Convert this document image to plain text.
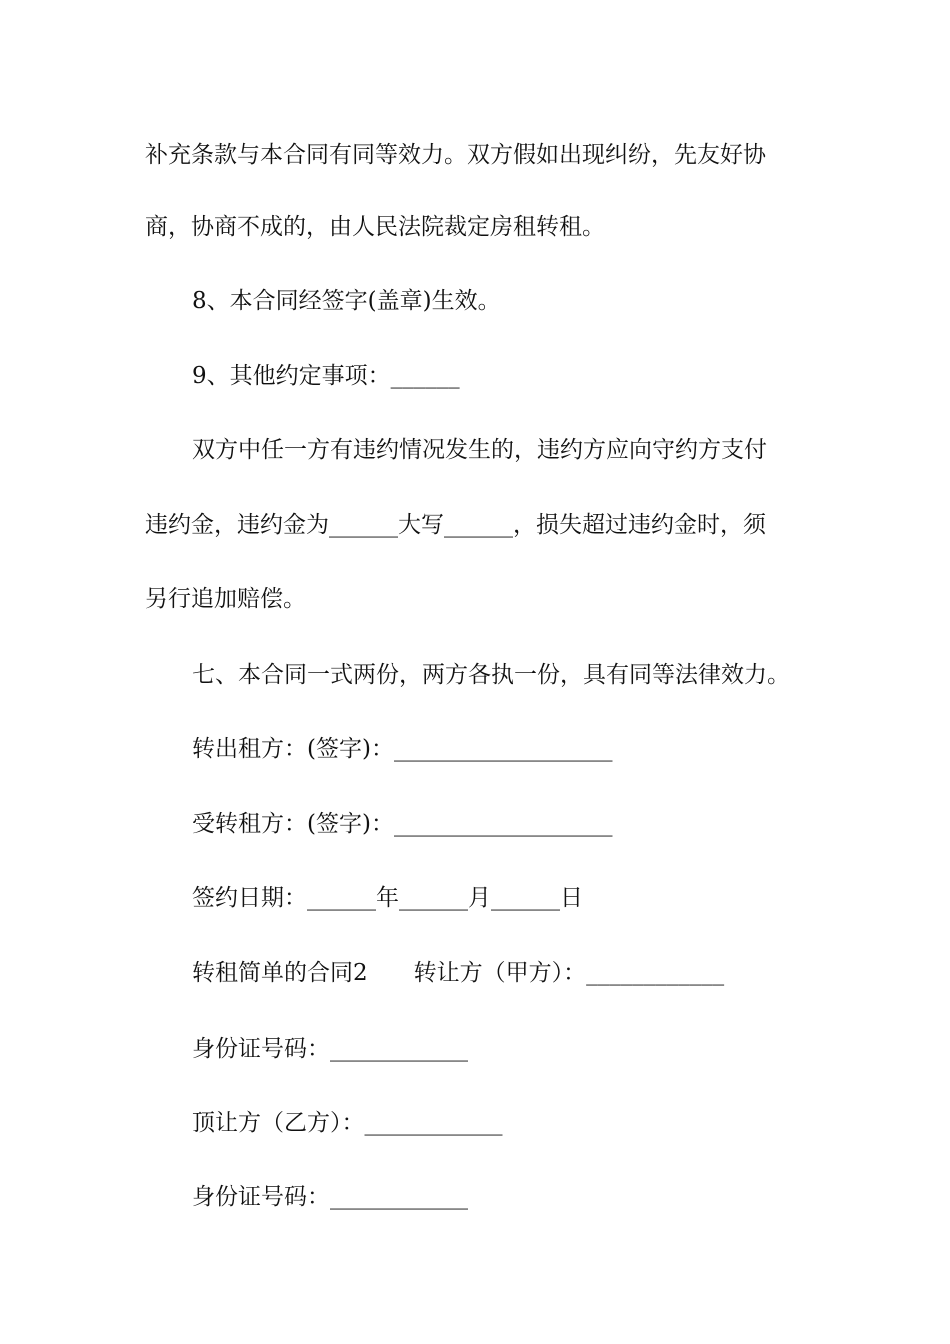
补充条款与本合同有同等效力。双方假如出现纠纷，先友好协
商，协商不成的，由人民法院裁定房租转租。
8、本合同经签字(盖章)生效。
9、其他约定事项：______
双方中任一方有违约情况发生的，违约方应向守约方支付
违约金，违约金为______大写______，损失超过违约金时，须
另行追加赔偿。
七、本合同一式两份，两方各执一份，具有同等法律效力。
转出租方：(签字)：___________________
受转租方：(签字)：___________________
签约日期：______年______月______日
转租简单的合同2　　转让方（甲方）：____________
身份证号码：____________
顶让方（乙方）：____________
身份证号码：____________
